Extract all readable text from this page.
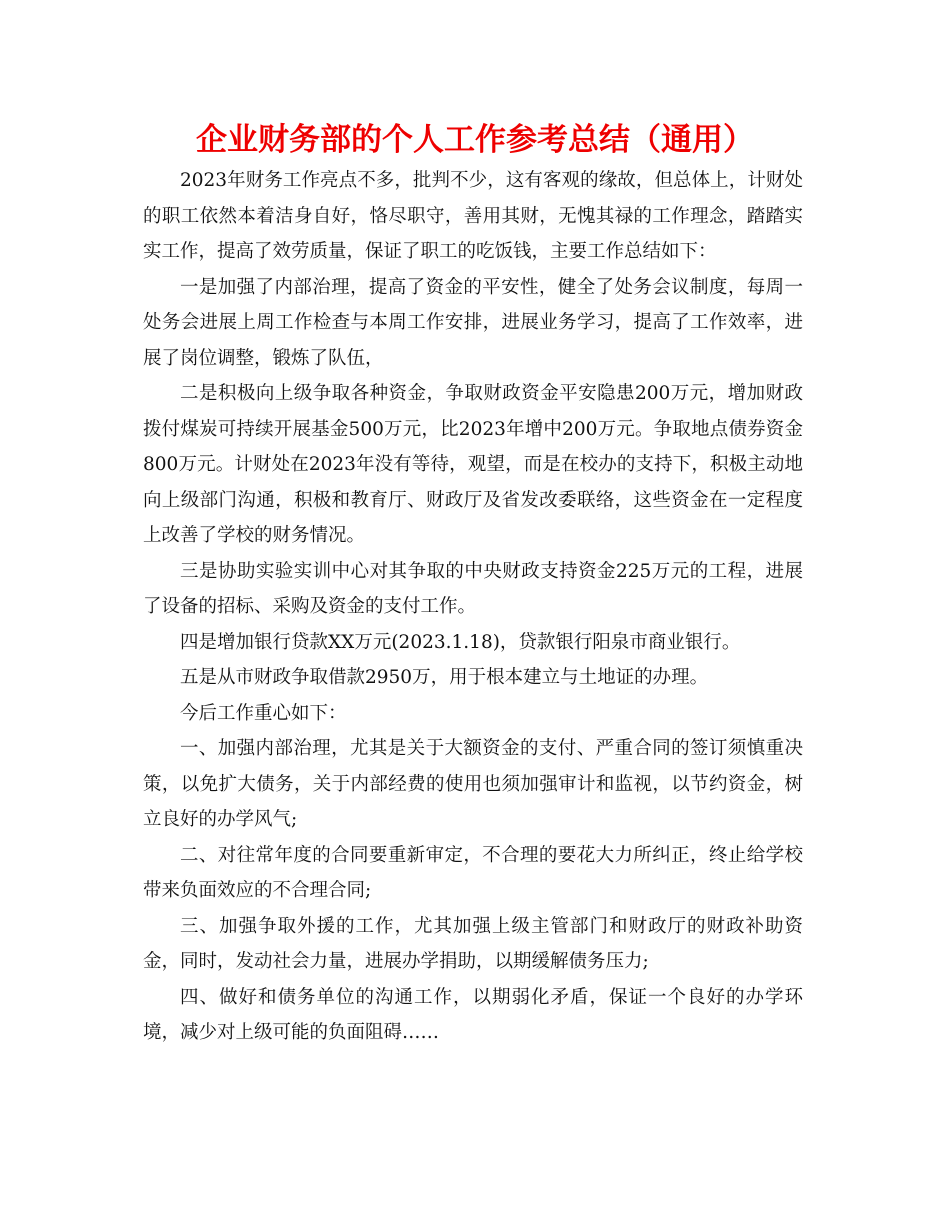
企业财务部的个人工作参考总结（通用）

2023年财务工作亮点不多，批判不少，这有客观的缘故，但总体上，计财处的职工依然本着洁身自好，恪尽职守，善用其财，无愧其禄的工作理念，踏踏实实工作，提高了效劳质量，保证了职工的吃饭钱，主要工作总结如下：

一是加强了内部治理，提高了资金的平安性，健全了处务会议制度，每周一处务会进展上周工作检查与本周工作安排，进展业务学习，提高了工作效率，进展了岗位调整，锻炼了队伍，

二是积极向上级争取各种资金，争取财政资金平安隐患200万元，增加财政拨付煤炭可持续开展基金500万元，比2023年增中200万元。争取地点债券资金800万元。计财处在2023年没有等待，观望，而是在校办的支持下，积极主动地向上级部门沟通，积极和教育厅、财政厅及省发改委联络，这些资金在一定程度上改善了学校的财务情况。

三是协助实验实训中心对其争取的中央财政支持资金225万元的工程，进展了设备的招标、采购及资金的支付工作。

四是增加银行贷款XX万元(2023.1.18)，贷款银行阳泉市商业银行。

五是从市财政争取借款2950万，用于根本建立与土地证的办理。

今后工作重心如下：

一、加强内部治理，尤其是关于大额资金的支付、严重合同的签订须慎重决策，以免扩大债务，关于内部经费的使用也须加强审计和监视，以节约资金，树立良好的办学风气;

二、对往常年度的合同要重新审定，不合理的要花大力所纠正，终止给学校带来负面效应的不合理合同;

三、加强争取外援的工作，尤其加强上级主管部门和财政厅的财政补助资金，同时，发动社会力量，进展办学捐助，以期缓解债务压力;

四、做好和债务单位的沟通工作，以期弱化矛盾，保证一个良好的办学环境，减少对上级可能的负面阻碍……
